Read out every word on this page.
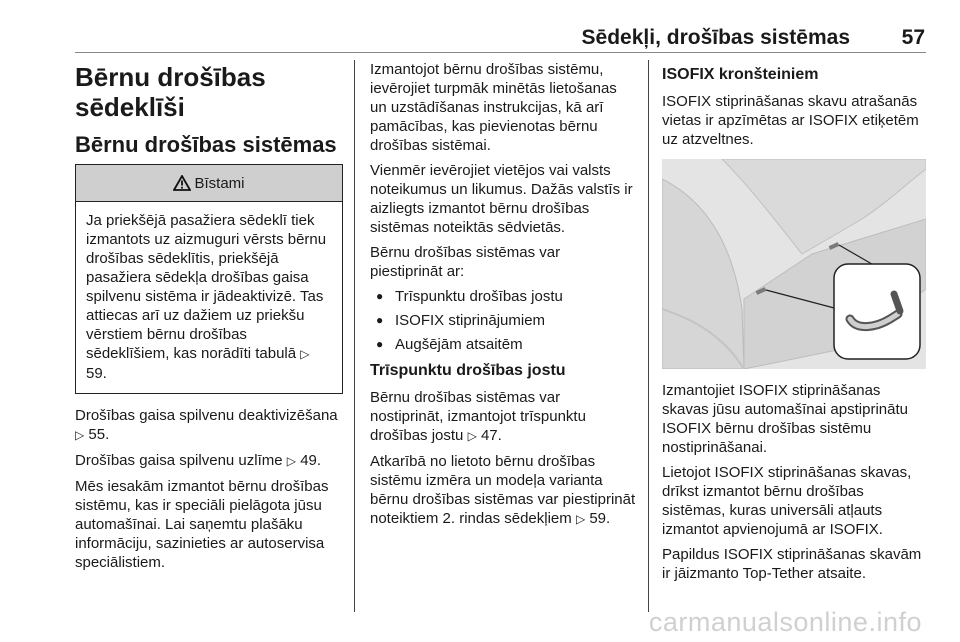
Sēdekļi, drošības sistēmas 57
Bērnu drošības
sēdeklīši
Bērnu drošības sistēmas
Bīstami
Ja priekšējā pasažiera sēdeklī tiek izmantots uz aizmuguri vērsts bērnu drošības sēdeklītis, priekšējā pasažiera sēdekļa drošības gaisa spilvenu sistēma ir jādeaktivizē. Tas attiecas arī uz dažiem uz priekšu vērstiem bērnu drošības sēdeklīšiem, kas norādīti tabulā ▷ 59.

Drošības gaisa spilvenu deaktivizēšana ▷ 55.

Drošības gaisa spilvenu uzlīme ▷ 49.

Mēs iesakām izmantot bērnu drošības sistēmu, kas ir speciāli pielāgota jūsu automašīnai. Lai saņemtu plašāku informāciju, sazinieties ar autoservisa speciālistiem.

Izmantojot bērnu drošības sistēmu, ievērojiet turpmāk minētās lietošanas un uzstādīšanas instrukcijas, kā arī pamācības, kas pievienotas bērnu drošības sistēmai.

Vienmēr ievērojiet vietējos vai valsts noteikumus un likumus. Dažās valstīs ir aizliegts izmantot bērnu drošības sistēmas noteiktās sēdvietās.

Bērnu drošības sistēmas var piestiprināt ar:

● Trīspunktu drošības jostu
● ISOFIX stiprinājumiem
● Augšējām atsaitēm
Trīspunktu drošības jostu

Bērnu drošības sistēmas var nostiprināt, izmantojot trīspunktu drošības jostu ▷ 47.

Atkarībā no lietoto bērnu drošības sistēmu izmēra un modeļa varianta bērnu drošības sistēmas var piestiprināt noteiktiem 2. rindas sēdekļiem ▷ 59.

ISOFIX kronšteiniem

ISOFIX stiprināšanas skavu atrašanās vietas ir apzīmētas ar ISOFIX etiķetēm uz atzveltnes.

Izmantojiet ISOFIX stiprināšanas skavas jūsu automašīnai apstiprinātu ISOFIX bērnu drošības sistēmu nostiprināšanai.

Lietojot ISOFIX stiprināšanas skavas, drīkst izmantot bērnu drošības sistēmas, kuras universāli atļauts izmantot apvienojumā ar ISOFIX.

Papildus ISOFIX stiprināšanas skavām ir jāizmanto Top-Tether atsaite.

carmanualsonline.info
